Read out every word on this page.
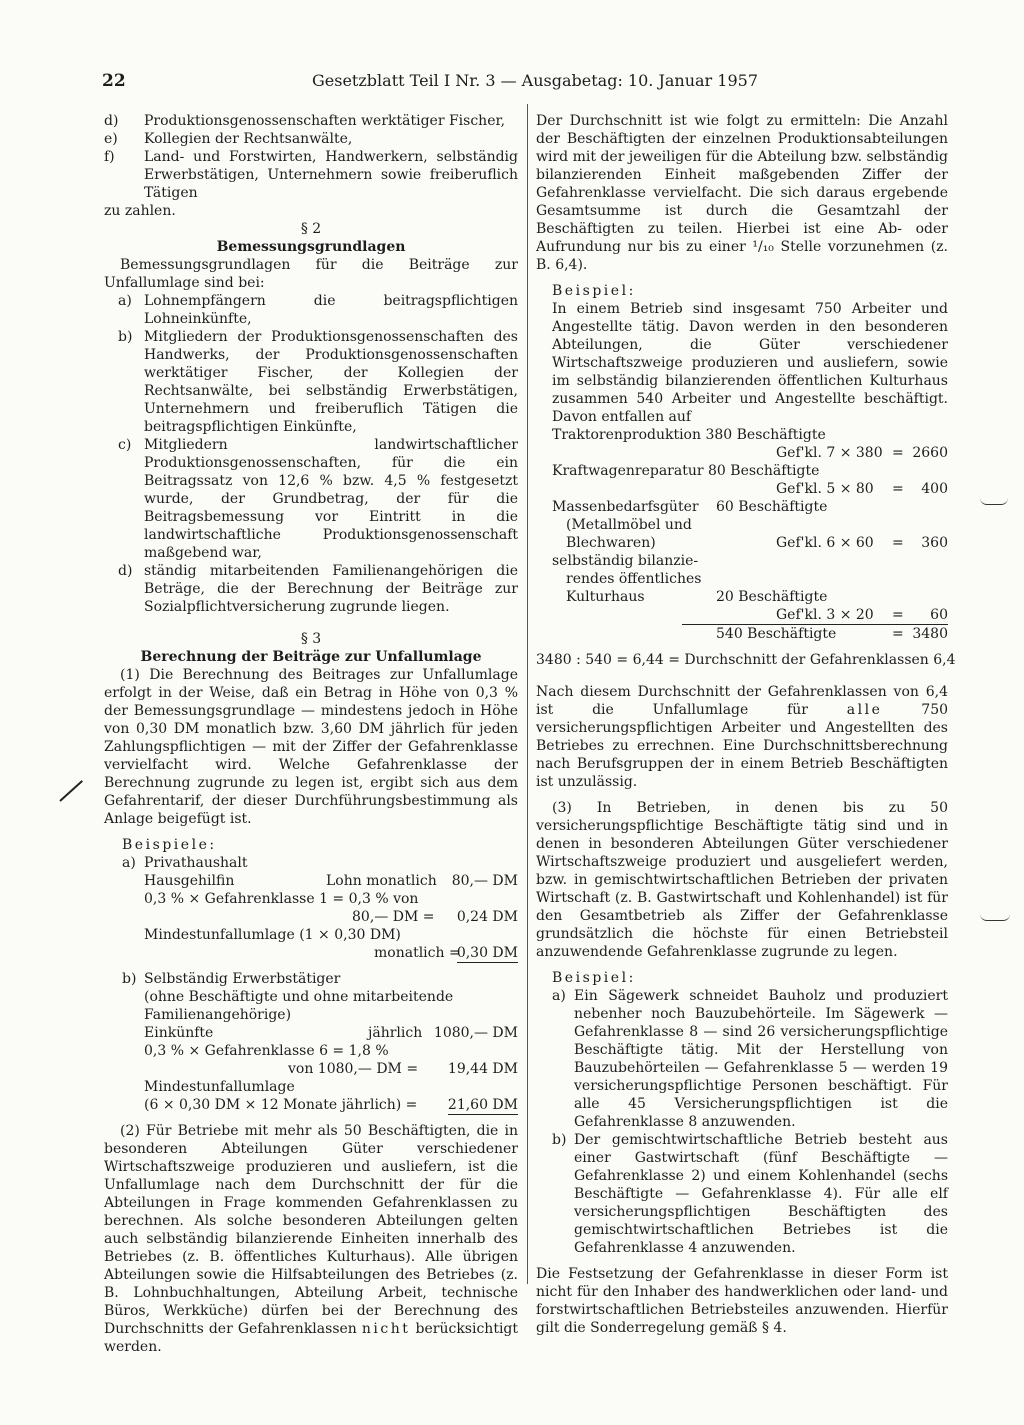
22	Gesetzblatt Teil I Nr. 3 — Ausgabetag: 10. Januar 1957
d) Produktionsgenossenschaften werktätiger Fischer,

e) Kollegien der Rechtsanwälte,

f) Land- und Forstwirten, Handwerkern, selbständig Erwerbstätigen, Unternehmern sowie freiberuflich Tätigen

zu zahlen.

§ 2

Bemessungsgrundlagen

Bemessungsgrundlagen für die Beiträge zur Unfallumlage sind bei:

a) Lohnempfängern die beitragspflichtigen Lohneinkünfte,

b) Mitgliedern der Produktionsgenossenschaften des Handwerks, der Produktionsgenossenschaften werktätiger Fischer, der Kollegien der Rechtsanwälte, bei selbständig Erwerbstätigen, Unternehmern und freiberuflich Tätigen die beitragspflichtigen Einkünfte,

c) Mitgliedern landwirtschaftlicher Produktionsgenossenschaften, für die ein Beitragssatz von 12,6 % bzw. 4,5 % festgesetzt wurde, der Grundbetrag, der für die Beitragsbemessung vor Eintritt in die landwirtschaftliche Produktionsgenossenschaft maßgebend war,

d) ständig mitarbeitenden Familienangehörigen die Beträge, die der Berechnung der Beiträge zur Sozialpflichtversicherung zugrunde liegen.

§ 3

Berechnung der Beiträge zur Unfallumlage

(1) Die Berechnung des Beitrages zur Unfallumlage erfolgt in der Weise, daß ein Betrag in Höhe von 0,3 % der Bemessungsgrundlage — mindestens jedoch in Höhe von 0,30 DM monatlich bzw. 3,60 DM jährlich für jeden Zahlungspflichtigen — mit der Ziffer der Gefahrenklasse vervielfacht wird. Welche Gefahrenklasse der Berechnung zugrunde zu legen ist, ergibt sich aus dem Gefahrentarif, der dieser Durchführungsbestimmung als Anlage beigefügt ist.

Beispiele:

a) Privathaushalt
Hausgehilfin	Lohn monatlich 80,— DM
0,3 % × Gefahrenklasse 1 = 0,3 % von
80,— DM = 0,24 DM
Mindestunfallumlage (1 × 0,30 DM)
monatlich =
0,30 DM
b) Selbständig Erwerbstätiger
(ohne Beschäftigte und ohne mitarbeitende
Familienangehörige)
Einkünfte	jährlich 1080,— DM
0,3 % × Gefahrenklasse 6 = 1,8 %
von 1080,— DM = 19,44 DM
Mindestunfallumlage
(6 × 0,30 DM × 12 Monate jährlich) = 21,60 DM

(2) Für Betriebe mit mehr als 50 Beschäftigten, die in besonderen Abteilungen Güter verschiedener Wirtschaftszweige produzieren und ausliefern, ist die Unfallumlage nach dem Durchschnitt der für die Abteilungen in Frage kommenden Gefahrenklassen zu berechnen. Als solche besonderen Abteilungen gelten auch selbständig bilanzierende Einheiten innerhalb des Betriebes (z. B. öffentliches Kulturhaus). Alle übrigen Abteilungen sowie die Hilfsabteilungen des Betriebes (z. B. Lohnbuchhaltungen, Abteilung Arbeit, technische Büros, Werkküche) dürfen bei der Berechnung des Durchschnitts der Gefahrenklassen nicht berücksichtigt werden.

Der Durchschnitt ist wie folgt zu ermitteln: Die Anzahl der Beschäftigten der einzelnen Produktionsabteilungen wird mit der jeweiligen für die Abteilung bzw. selbständig bilanzierenden Einheit maßgebenden Ziffer der Gefahrenklasse vervielfacht. Die sich daraus ergebende Gesamtsumme ist durch die Gesamtzahl der Beschäftigten zu teilen. Hierbei ist eine Ab- oder Aufrundung nur bis zu einer ¹/₁₀ Stelle vorzunehmen (z. B. 6,4).

Beispiel:

In einem Betrieb sind insgesamt 750 Arbeiter und Angestellte tätig. Davon werden in den besonderen Abteilungen, die Güter verschiedener Wirtschaftszweige produzieren und ausliefern, sowie im selbständig bilanzierenden öffentlichen Kulturhaus zusammen 540 Arbeiter und Angestellte beschäftigt. Davon entfallen auf

Traktorenproduktion 380 Beschäftigte
Gef'kl. 7 × 380 = 2660
Kraftwagenreparatur 80 Beschäftigte
Gef'kl. 5 × 80 = 400
Massenbedarfsgüter 60 Beschäftigte
(Metallmöbel und
Blechwaren)	Gef'kl. 6 × 60 = 360
selbständig bilanzie-
rendes öffentliches
Kulturhaus	20 Beschäftigte
Gef'kl. 3 × 20 = 60
540 Beschäftigte	= 3480
3480 : 540 = 6,44 = Durchschnitt der Gefahrenklassen 6,4

Nach diesem Durchschnitt der Gefahrenklassen von 6,4 ist die Unfallumlage für	alle	750 versicherungspflichtigen Arbeiter und Angestellten des Betriebes zu errechnen. Eine Durchschnittsberechnung nach Berufsgruppen der in einem Betrieb Beschäftigten ist unzulässig.

(3) In Betrieben, in denen bis zu 50 versicherungspflichtige Beschäftigte tätig sind und in denen in besonderen Abteilungen Güter verschiedener Wirtschaftszweige produziert und ausgeliefert werden, bzw. in gemischtwirtschaftlichen Betrieben der privaten Wirtschaft (z. B. Gastwirtschaft und Kohlenhandel) ist für den Gesamtbetrieb als Ziffer der Gefahrenklasse grundsätzlich die höchste für einen Betriebsteil anzuwendende Gefahrenklasse zugrunde zu legen.

Beispiel:

a) Ein Sägewerk schneidet Bauholz und produziert nebenher noch Bauzubehörteile. Im Sägewerk — Gefahrenklasse 8 — sind 26 versicherungspflichtige Beschäftigte tätig. Mit der Herstellung von Bauzubehörteilen — Gefahrenklasse 5 — werden 19 versicherungspflichtige Personen beschäftigt. Für alle 45 Versicherungspflichtigen ist die Gefahrenklasse 8 anzuwenden.

b) Der gemischtwirtschaftliche Betrieb besteht aus einer Gastwirtschaft (fünf Beschäftigte — Gefahrenklasse 2) und einem Kohlenhandel (sechs Beschäftigte — Gefahrenklasse 4). Für alle elf versicherungspflichtigen Beschäftigten des gemischtwirtschaftlichen Betriebes ist die Gefahrenklasse 4 anzuwenden.

Die Festsetzung der Gefahrenklasse in dieser Form ist nicht für den Inhaber des handwerklichen oder land- und forstwirtschaftlichen Betriebsteiles anzuwenden. Hierfür gilt die Sonderregelung gemäß § 4.
